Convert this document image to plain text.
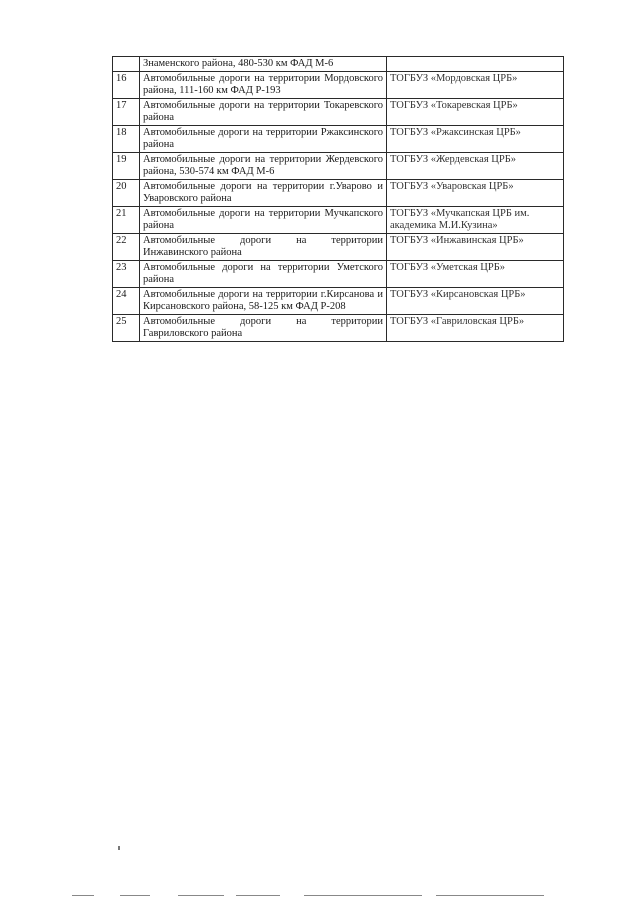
	Знаменского района, 480-530 км ФАД М-6	
16	Автомобильные дороги на территории Мордовского района, 111-160 км ФАД Р-193	ТОГБУЗ «Мордовская ЦРБ»
17	Автомобильные дороги на территории Токаревского района	ТОГБУЗ «Токаревская ЦРБ»
18	Автомобильные дороги на территории Ржаксинского района	ТОГБУЗ «Ржаксинская ЦРБ»
19	Автомобильные дороги на территории Жердевского района, 530-574 км ФАД М-6	ТОГБУЗ «Жердевская ЦРБ»
20	Автомобильные дороги на территории г.Уварово и Уваровского района	ТОГБУЗ «Уваровская ЦРБ»
21	Автомобильные дороги на территории Мучкапского района	ТОГБУЗ «Мучкапская ЦРБ им. академика М.И.Кузина»
22	Автомобильные дороги на территории Инжавинского района	ТОГБУЗ «Инжавинская ЦРБ»
23	Автомобильные дороги на территории Уметского района	ТОГБУЗ «Уметская ЦРБ»
24	Автомобильные дороги на территории г.Кирсанова и Кирсановского района, 58-125 км ФАД Р-208	ТОГБУЗ «Кирсановская ЦРБ»
25	Автомобильные дороги на территории Гавриловского района	ТОГБУЗ «Гавриловская ЦРБ»
